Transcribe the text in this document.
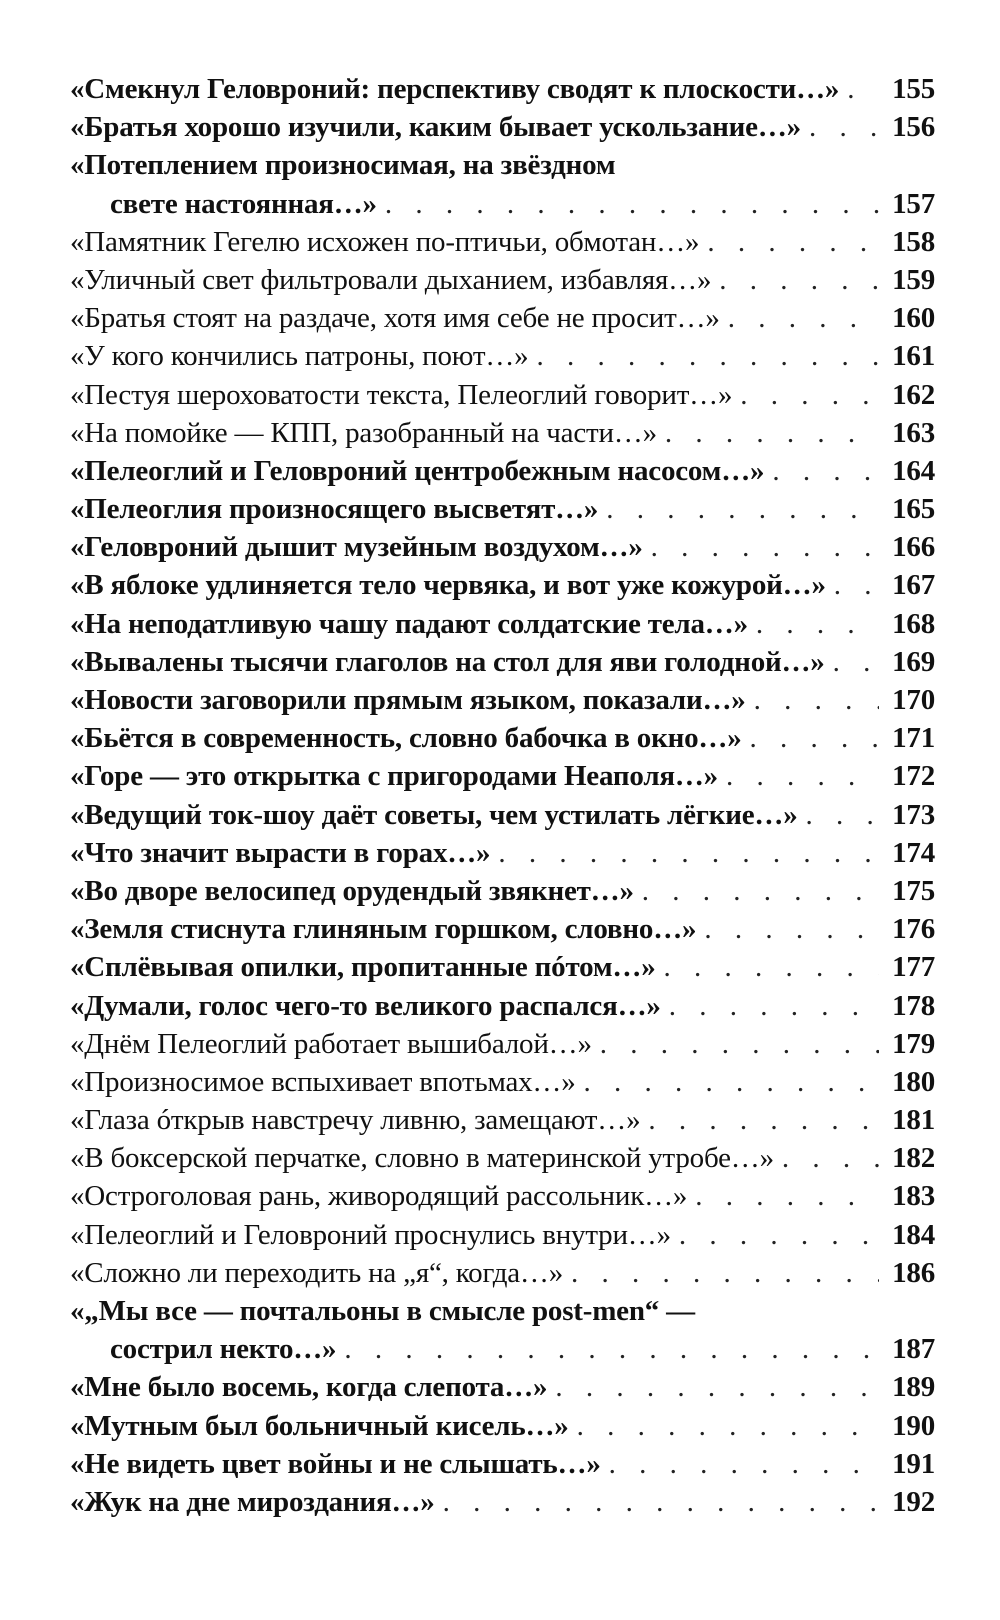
«Смекнул Геловроний: перспективу сводят к плоскости…» . . . 155
«Братья хорошо изучили, каким бывает ускользание…» . . .	156
«Потеплением произносимая, на звёздном
свете настоянная…» . . .	157
«Памятник Гегелю исхожен по-птичьи, обмотан…» . . .	158
«Уличный свет фильтровали дыханием, избавляя…» . . .	159
«Братья стоят на раздаче, хотя имя себе не просит…» . . .	160
«У кого кончились патроны, поют…» . . .	161
«Пестуя шероховатости текста, Пелеоглий говорит…» . . .	162
«На помойке — КПП, разобранный на части…» . . .	163
«Пелеоглий и Геловроний центробежным насосом…» . . .	164
«Пелеоглия произносящего высветят…» . . .	165
«Геловроний дышит музейным воздухом…» . . .	166
«В яблоке удлиняется тело червяка, и вот уже кожурой…» . . . 167
«На неподатливую чашу падают солдатские тела…» . . .	168
«Вывалены тысячи глаголов на стол для яви голодной…» . . . 169
«Новости заговорили прямым языком, показали…» . . .	170
«Бьётся в современность, словно бабочка в окно…» . . .	171
«Горе — это открытка с пригородами Неаполя…» . . .	172
«Ведущий ток-шоу даёт советы, чем устилать лёгкие…» . . .	173
«Что значит вырасти в горах…» . . .	174
«Во дворе велосипед орудендый звякнет…» . . .	175
«Земля стиснута глиняным горшком, словно…» . . .	176
«Сплёвывая опилки, пропитанные пóтом…» . . .	177
«Думали, голос чего-то великого распался…» . . .	178
«Днём Пелеоглий работает вышибалой…» . . .	179
«Произносимое вспыхивает впотьмах…» . . .	180
«Глаза óткрыв навстречу ливню, замещают…» . . .	181
«В боксерской перчатке, словно в материнской утробе…» . . .	182
«Остроголовая рань, живородящий рассольник…» . . .	183
«Пелеоглий и Геловроний проснулись внутри…» . . .	184
«Сложно ли переходить на „я“, когда…» . . .	186
«„Мы все — почтальоны в смысле post-men“ —
сострил некто…» . . .	187
«Мне было восемь, когда слепота…» . . .	189
«Мутным был больничный кисель…» . . .	190
«Не видеть цвет войны и не слышать…» . . .	191
«Жук на дне мироздания…» . . .	192
